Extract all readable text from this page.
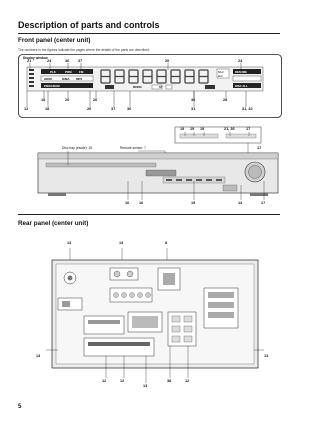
Description of parts and controls
Front panel (center unit)
The numbers in the figures indicate the pages where the details of the parts are described.
Display window
PLII	PRM FM
HDMI	WMA MP3
PROGRAM	MONO	ST
RESUME
MHz
kHz
DISC ALL
21	24	36 37	20	24
18	20	26	30	28
12	18	20	37	36	31	31, 32
19 19 19	21, 36	17
Disc tray (inside): 18	Remote sensor: 7	17
16	16	19	13	17
Rear panel (center unit)
13	13	8
13
12	12
13
38	12
13
5
